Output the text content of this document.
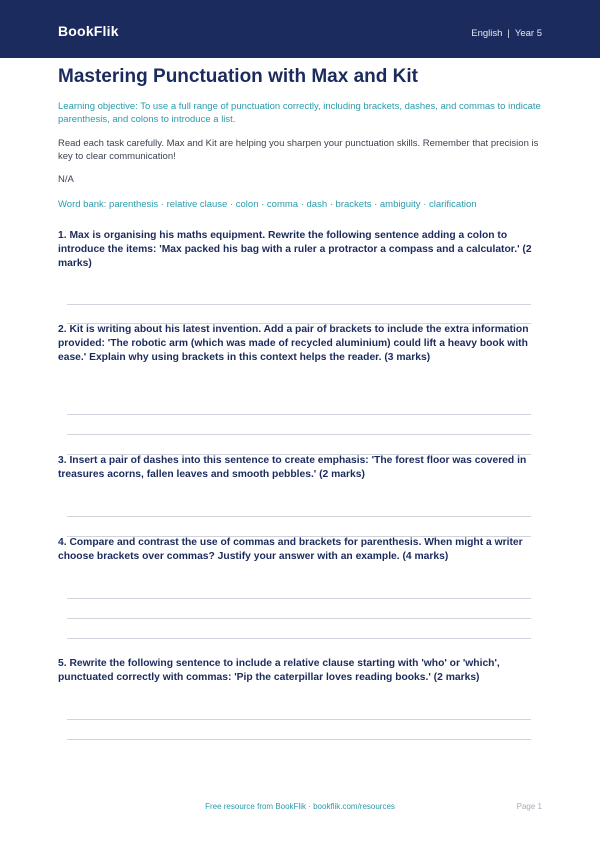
BookFlik	English | Year 5
Mastering Punctuation with Max and Kit
Learning objective: To use a full range of punctuation correctly, including brackets, dashes, and commas to indicate parenthesis, and colons to introduce a list.
Read each task carefully. Max and Kit are helping you sharpen your punctuation skills. Remember that precision is key to clear communication!
N/A
Word bank: parenthesis · relative clause · colon · comma · dash · brackets · ambiguity · clarification
1. Max is organising his maths equipment. Rewrite the following sentence adding a colon to introduce the items: 'Max packed his bag with a ruler a protractor a compass and a calculator.' (2 marks)
2. Kit is writing about his latest invention. Add a pair of brackets to include the extra information provided: 'The robotic arm (which was made of recycled aluminium) could lift a heavy book with ease.' Explain why using brackets in this context helps the reader. (3 marks)
3. Insert a pair of dashes into this sentence to create emphasis: 'The forest floor was covered in treasures acorns, fallen leaves and smooth pebbles.' (2 marks)
4. Compare and contrast the use of commas and brackets for parenthesis. When might a writer choose brackets over commas? Justify your answer with an example. (4 marks)
5. Rewrite the following sentence to include a relative clause starting with 'who' or 'which', punctuated correctly with commas: 'Pip the caterpillar loves reading books.' (2 marks)
Free resource from BookFlik · bookflik.com/resources	Page 1
